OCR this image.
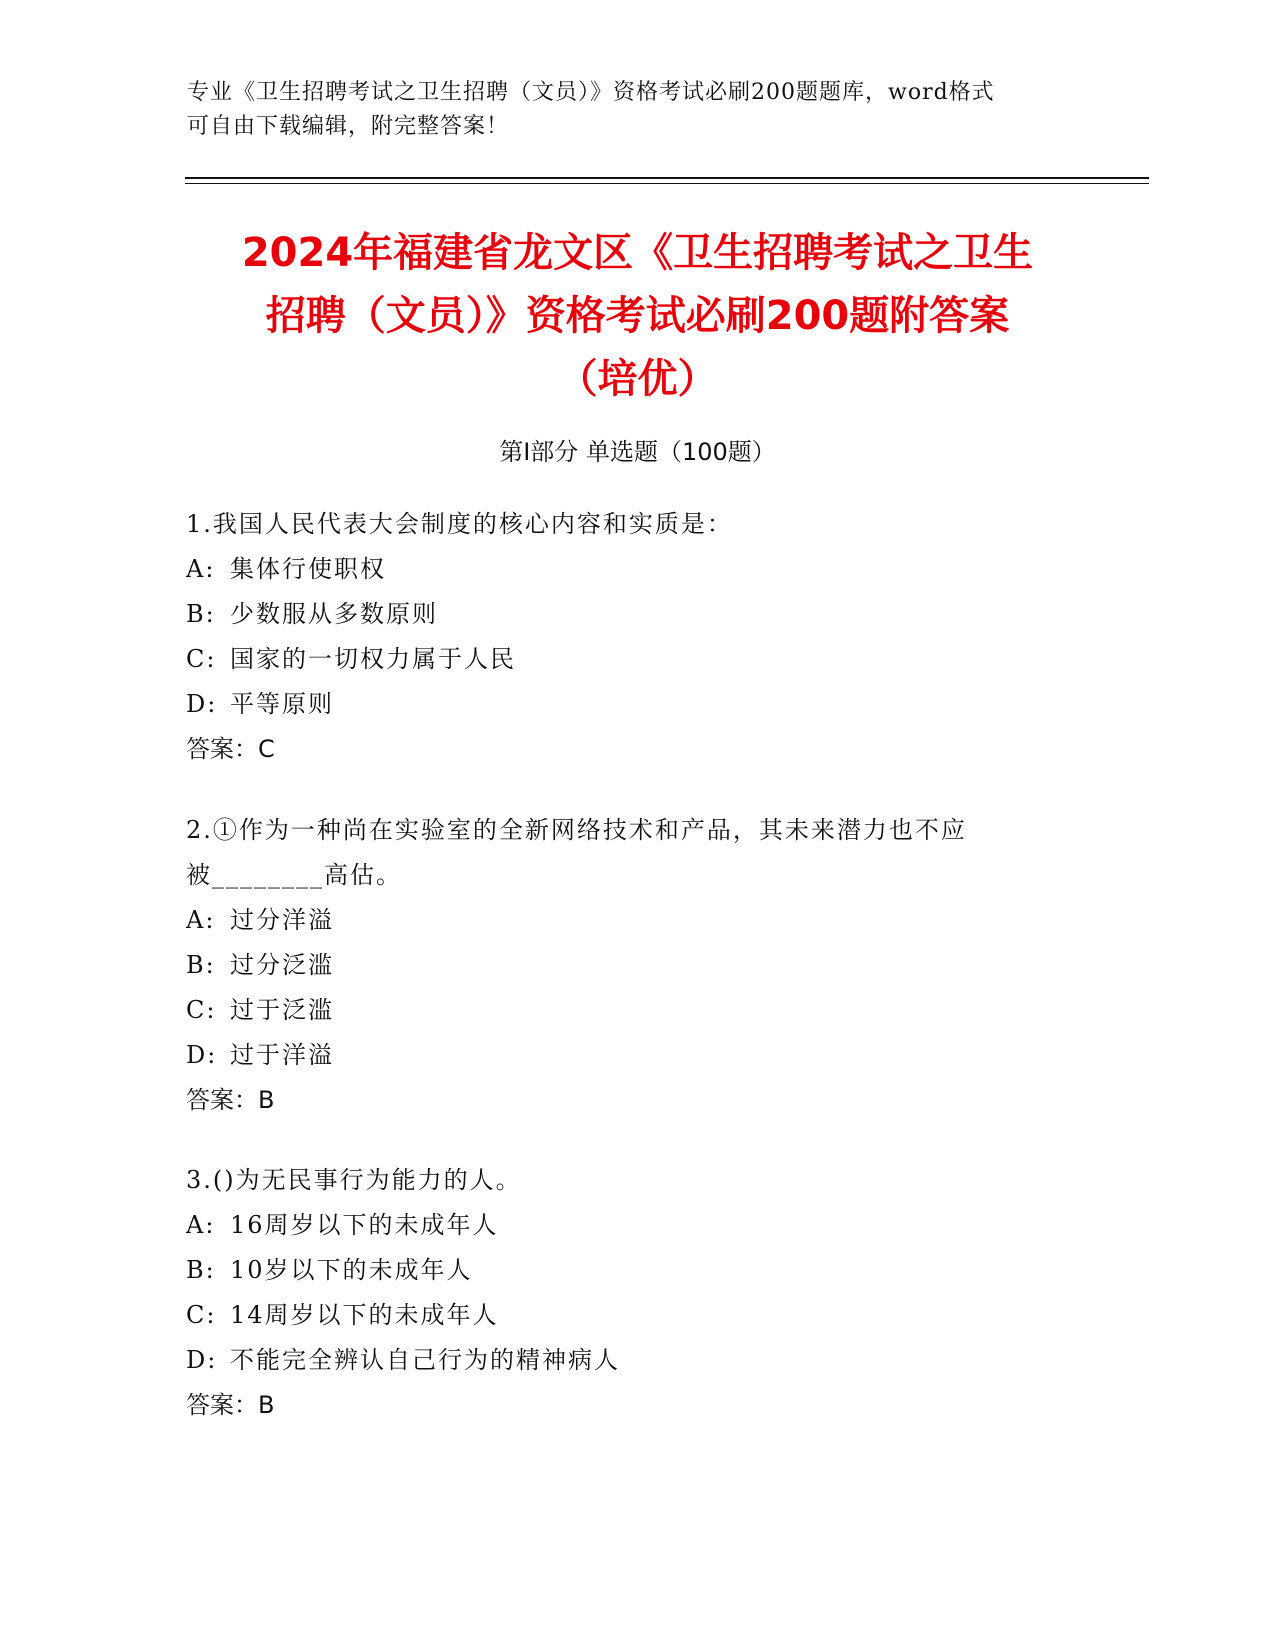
专业《卫生招聘考试之卫生招聘（文员）》资格考试必刷200题题库，word格式
可自由下载编辑，附完整答案！
2024年福建省龙文区《卫生招聘考试之卫生
招聘（文员）》资格考试必刷200题附答案
（培优）
第Ⅰ部分 单选题（100题）
1.我国人民代表大会制度的核心内容和实质是：
A: 集体行使职权
B: 少数服从多数原则
C: 国家的一切权力属于人民
D: 平等原则
答案：C
2.①作为一种尚在实验室的全新网络技术和产品，其未来潜力也不应
被________高估。
A: 过分洋溢
B: 过分泛滥
C: 过于泛滥
D: 过于洋溢
答案：B
3.()为无民事行为能力的人。
A: 16周岁以下的未成年人
B: 10岁以下的未成年人
C: 14周岁以下的未成年人
D: 不能完全辨认自己行为的精神病人
答案：B
